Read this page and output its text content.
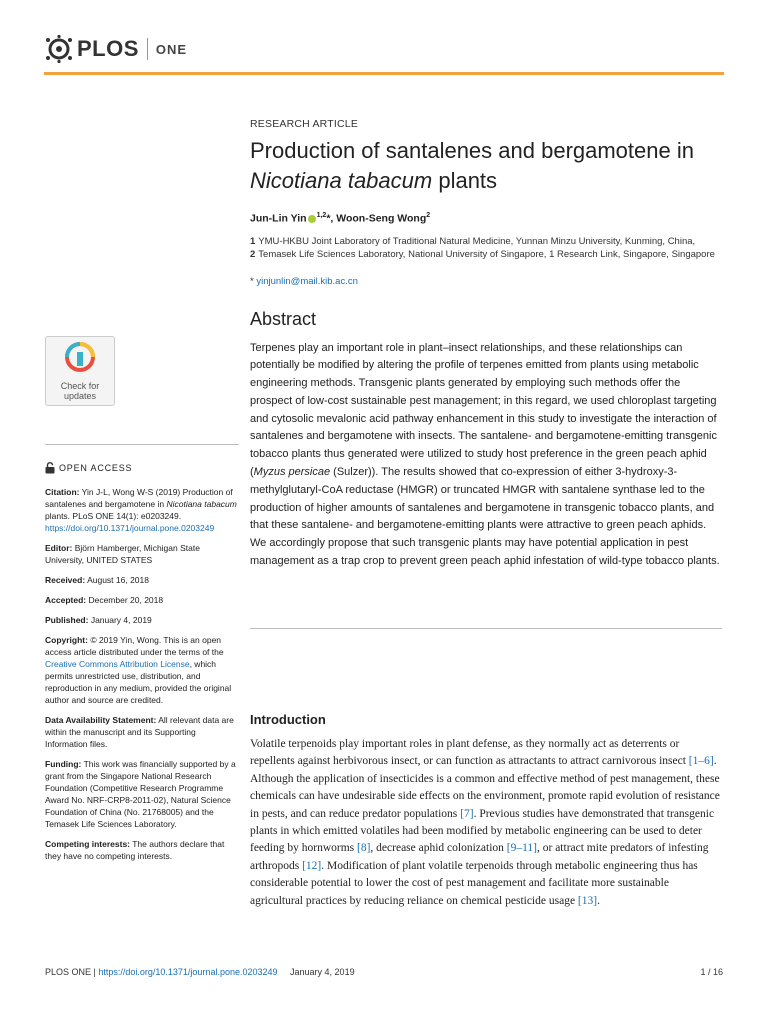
PLOS ONE

RESEARCH ARTICLE

Production of santalenes and bergamotene in
Nicotiana tabacum plants
Jun-Lin Yin $^{1,2}$*, Woon-Seng Wong$^2$
1 YMU-HKBU Joint Laboratory of Traditional Natural Medicine, Yunnan Minzu University, Kunming, China,
2 Temasek Life Sciences Laboratory, National University of Singapore, 1 Research Link, Singapore, Singapore
* yinjunlin@mail.kib.ac.cn
Abstract
Terpenes play an important role in plant–insect relationships, and these relationships can potentially be modified by altering the profile of terpenes emitted from plants using metabolic engineering methods. Transgenic plants generated by employing such methods offer the prospect of low-cost sustainable pest management; in this regard, we used chloroplast targeting and cytosolic mevalonic acid pathway enhancement in this study to investigate the interaction of santalenes and bergamotene with insects. The santalene- and bergamotene-emitting transgenic tobacco plants thus generated were utilized to study host preference in the green peach aphid (Myzus persicae (Sulzer)). The results showed that co-expression of either 3-hydroxy-3-methylglutaryl-CoA reductase (HMGR) or truncated HMGR with santalene synthase led to the production of higher amounts of santalenes and bergamotene in transgenic tobacco plants, and that these santalene- and bergamotene-emitting plants were attractive to green peach aphids. We accordingly propose that such transgenic plants may have potential application in pest management as a trap crop to prevent green peach aphid infestation of wild-type tobacco plants.
Introduction
Volatile terpenoids play important roles in plant defense, as they normally act as deterrents or repellents against herbivorous insect, or can function as attractants to attract carnivorous insect [1–6]. Although the application of insecticides is a common and effective method of pest management, these chemicals can have undesirable side effects on the environment, promote rapid evolution of resistance in pests, and can reduce predator populations [7]. Previous studies have demonstrated that transgenic plants in which emitted volatiles had been modified by metabolic engineering can be used to deter feeding by hornworms [8], decrease aphid colonization [9–11], or attract mite predators of infesting arthropods [12]. Modification of plant volatile terpenoids through metabolic engineering thus has considerable potential to lower the cost of pest management and facilitate more sustainable agricultural practices by reducing reliance on chemical pesticide usage [13].
Check for updates
OPEN ACCESS
Citation: Yin J-L, Wong W-S (2019) Production of santalenes and bergamotene in Nicotiana tabacum plants. PLoS ONE 14(1): e0203249. https://doi.org/10.1371/journal.pone.0203249
Editor: Björn Hamberger, Michigan State University, UNITED STATES
Received: August 16, 2018
Accepted: December 20, 2018
Published: January 4, 2019
Copyright: © 2019 Yin, Wong. This is an open access article distributed under the terms of the Creative Commons Attribution License, which permits unrestricted use, distribution, and reproduction in any medium, provided the original author and source are credited.
Data Availability Statement: All relevant data are within the manuscript and its Supporting Information files.
Funding: This work was financially supported by a grant from the Singapore National Research Foundation (Competitive Research Programme Award No. NRF-CRP8-2011-02), Natural Science Foundation of China (No. 21768005) and the Temasek Life Sciences Laboratory.
Competing interests: The authors declare that they have no competing interests.
PLOS ONE | https://doi.org/10.1371/journal.pone.0203249 January 4, 2019	1 / 16
